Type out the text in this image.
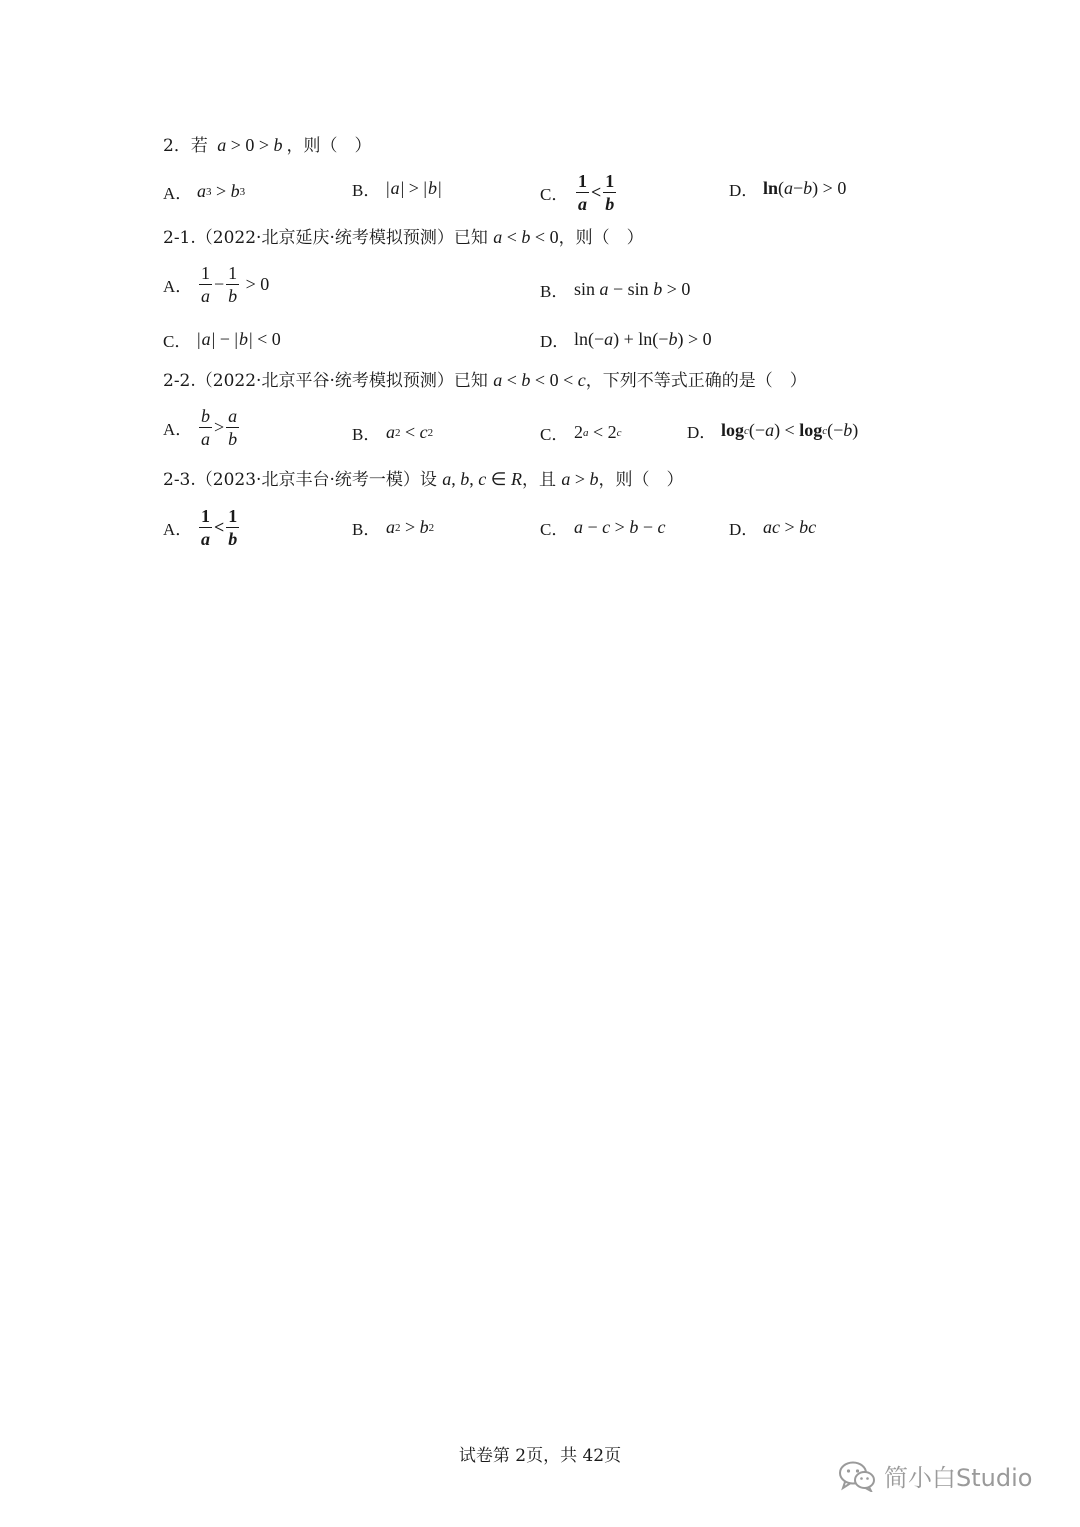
2．若 a > 0 > b ，则（　）
A． a 3 > b 3	B． | a | > | b |	C． $\frac{1}{a} < \frac{1}{b}$	D． ln ( a − b ) > 0
2-1.（2022·北京延庆·统考模拟预测）已知 a < b < 0，则（　）
A． $\frac{1}{a} - \frac{1}{b} > 0$	B． sin a − sin b > 0
C． | a | − | b | < 0	D． ln(− a ) + ln(− b ) > 0
2-2.（2022·北京平谷·统考模拟预测）已知 a < b < 0 < c ，下列不等式正确的是（　）
A． $\frac{b}{a} > \frac{a}{b}$	B． a 2 < c 2	C． 2 a < 2 c	D． log c (− a ) < log c (− b )
2-3.（2023·北京丰台·统考一模）设 a , b , c ∈ R ，且 a > b ，则（　）
A． $\frac{1}{a} < \frac{1}{b}$	B． a 2 > b 2	C． a − c > b − c	D． ac > bc
试卷第 2页，共 42页
简小白Studio
